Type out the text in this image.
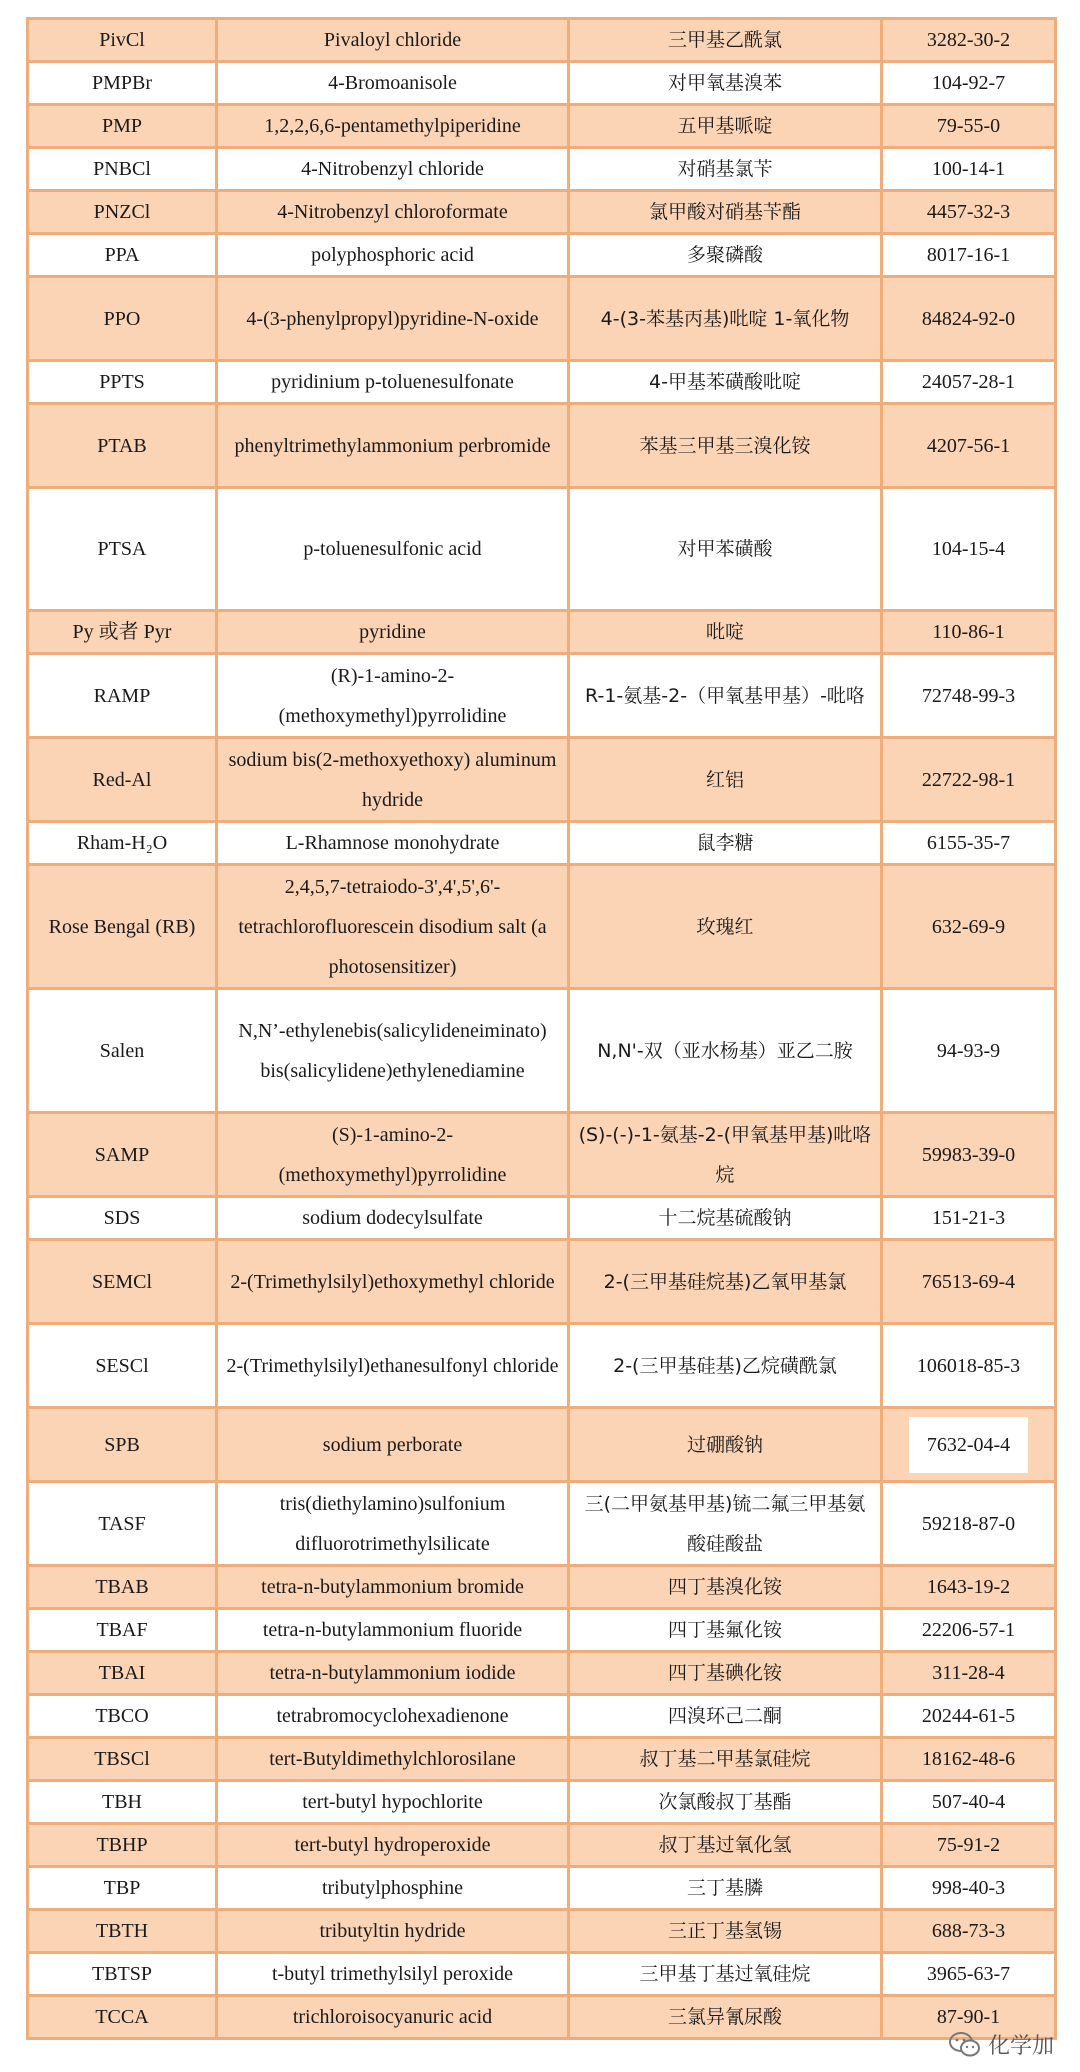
PivCl	Pivaloyl chloride	三甲基乙酰氯	3282-30-2
PMPBr	4-Bromoanisole	对甲氧基溴苯	104-92-7
PMP	1,2,2,6,6-pentamethylpiperidine	五甲基哌啶	79-55-0
PNBCl	4-Nitrobenzyl chloride	对硝基氯苄	100-14-1
PNZCl	4-Nitrobenzyl chloroformate	氯甲酸对硝基苄酯	4457-32-3
PPA	polyphosphoric acid	多聚磷酸	8017-16-1
PPO	4-(3-phenylpropyl)pyridine-N-oxide	4-(3-苯基丙基)吡啶 1-氧化物	84824-92-0
PPTS	pyridinium p-toluenesulfonate	4-甲基苯磺酸吡啶	24057-28-1
PTAB	phenyltrimethylammonium perbromide	苯基三甲基三溴化铵	4207-56-1
PTSA	p-toluenesulfonic acid	对甲苯磺酸	104-15-4
Py 或者 Pyr	pyridine	吡啶	110-86-1
RAMP	(R)-1-amino-2-(methoxymethyl)pyrrolidine	R-1-氨基-2-（甲氧基甲基）-吡咯	72748-99-3
Red-Al	sodium bis(2-methoxyethoxy) aluminum hydride	红铝	22722-98-1
Rham-H₂O	L-Rhamnose monohydrate	鼠李糖	6155-35-7
Rose Bengal (RB)	2,4,5,7-tetraiodo-3',4',5',6'-tetrachlorofluorescein disodium salt (a photosensitizer)	玫瑰红	632-69-9
Salen	N,N’-ethylenebis(salicylideneiminato) bis(salicylidene)ethylenediamine	N,N'-双（亚水杨基）亚乙二胺	94-93-9
SAMP	(S)-1-amino-2-(methoxymethyl)pyrrolidine	(S)-(-)-1-氨基-2-(甲氧基甲基)吡咯烷	59983-39-0
SDS	sodium dodecylsulfate	十二烷基硫酸钠	151-21-3
SEMCl	2-(Trimethylsilyl)ethoxymethyl chloride	2-(三甲基硅烷基)乙氧甲基氯	76513-69-4
SESCl	2-(Trimethylsilyl)ethanesulfonyl chloride	2-(三甲基硅基)乙烷磺酰氯	106018-85-3
SPB	sodium perborate	过硼酸钠	7632-04-4
TASF	tris(diethylamino)sulfonium difluorotrimethylsilicate	三(二甲氨基甲基)锍二氟三甲基氨酸硅酸盐	59218-87-0
TBAB	tetra-n-butylammonium bromide	四丁基溴化铵	1643-19-2
TBAF	tetra-n-butylammonium fluoride	四丁基氟化铵	22206-57-1
TBAI	tetra-n-butylammonium iodide	四丁基碘化铵	311-28-4
TBCO	tetrabromocyclohexadienone	四溴环己二酮	20244-61-5
TBSCl	tert-Butyldimethylchlorosilane	叔丁基二甲基氯硅烷	18162-48-6
TBH	tert-butyl hypochlorite	次氯酸叔丁基酯	507-40-4
TBHP	tert-butyl hydroperoxide	叔丁基过氧化氢	75-91-2
TBP	tributylphosphine	三丁基膦	998-40-3
TBTH	tributyltin hydride	三正丁基氢锡	688-73-3
TBTSP	t-butyl trimethylsilyl peroxide	三甲基丁基过氧硅烷	3965-63-7
TCCA	trichloroisocyanuric acid	三氯异氰尿酸	87-90-1
化学加
